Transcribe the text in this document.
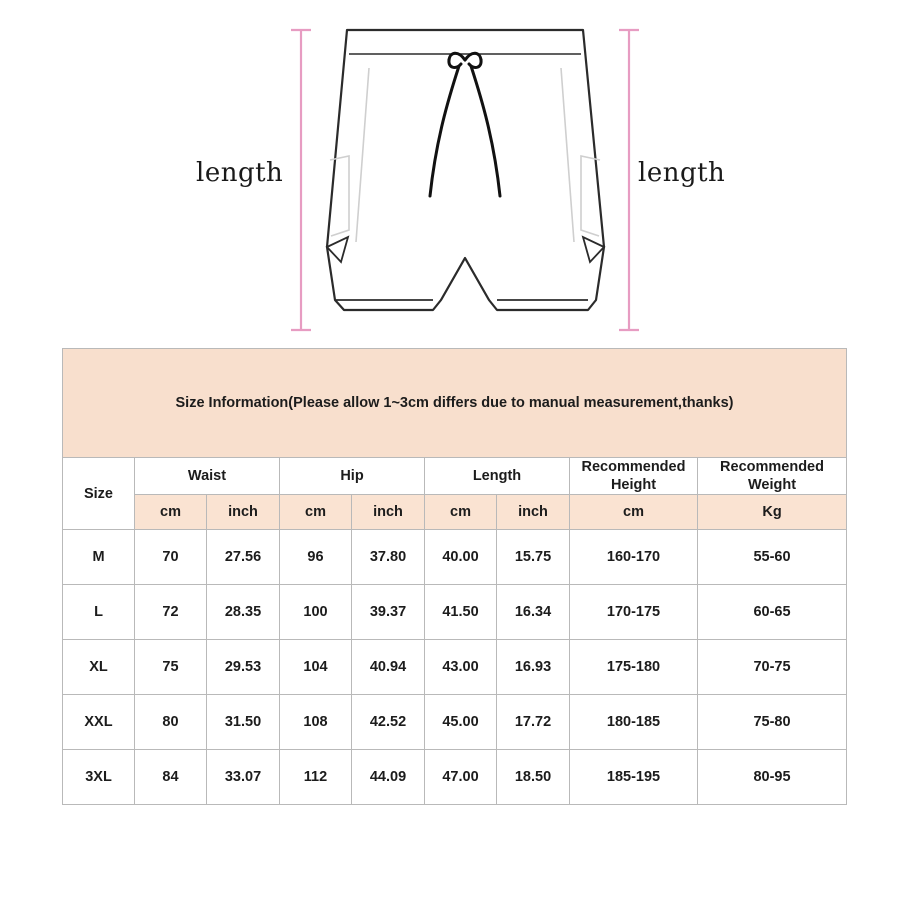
length	length
Size Information(Please allow 1~3cm differs due to manual measurement,thanks)								
Size	Waist		Hip		Length		Recommended Height	Recommended Weight
	cm	inch	cm	inch	cm	inch	cm	Kg
M	70	27.56	96	37.80	40.00	15.75	160-170	55-60
L	72	28.35	100	39.37	41.50	16.34	170-175	60-65
XL	75	29.53	104	40.94	43.00	16.93	175-180	70-75
XXL	80	31.50	108	42.52	45.00	17.72	180-185	75-80
3XL	84	33.07	112	44.09	47.00	18.50	185-195	80-95
